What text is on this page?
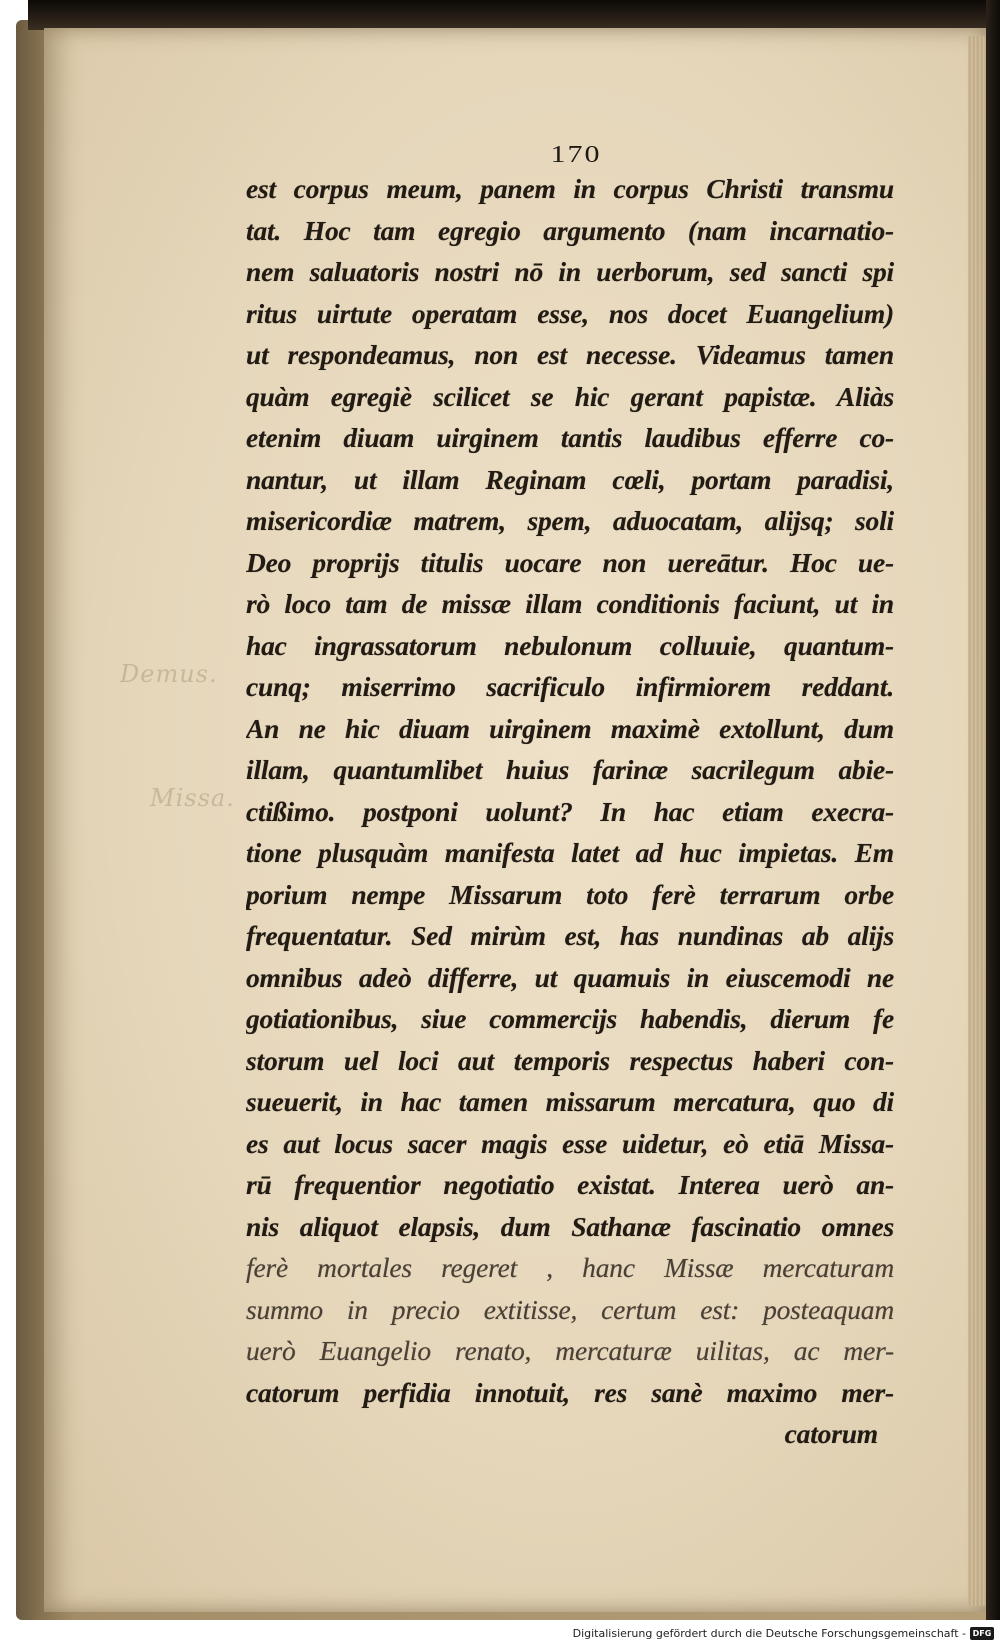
Demus.
Missa.
170
est corpus meum, panem in corpus Christi transmu
tat. Hoc tam egregio argumento (nam incarnatio-
nem saluatoris nostri nō in uerborum, sed sancti spi
ritus uirtute operatam esse, nos docet Euangelium)
ut respondeamus, non est necesse. Videamus tamen
quàm egregiè scilicet se hic gerant papistæ. Aliàs
etenim diuam uirginem tantis laudibus efferre co-
nantur, ut illam Reginam cœli, portam paradisi,
misericordiæ matrem, spem, aduocatam, alijsq; soli
Deo proprijs titulis uocare non uereātur. Hoc ue-
rò loco tam de missæ illam conditionis faciunt, ut in
hac ingrassatorum nebulonum colluuie, quantum-
cunq; miserrimo sacrificulo infirmiorem reddant.
An ne hic diuam uirginem maximè extollunt, dum
illam, quantumlibet huius farinæ sacrilegum abie-
ctißimo. postponi uolunt? In hac etiam execra-
tione plusquàm manifesta latet ad huc impietas. Em
porium nempe Missarum toto ferè terrarum orbe
frequentatur. Sed mirùm est, has nundinas ab alijs
omnibus adeò differre, ut quamuis in eiuscemodi ne
gotiationibus, siue commercijs habendis, dierum fe
storum uel loci aut temporis respectus haberi con-
sueuerit, in hac tamen missarum mercatura, quo di
es aut locus sacer magis esse uidetur, eò etiā Missa-
rū frequentior negotiatio existat. Interea uerò an-
nis aliquot elapsis, dum Sathanæ fascinatio omnes
ferè mortales regeret , hanc Missæ mercaturam
summo in precio extitisse, certum est: posteaquam
uerò Euangelio renato, mercaturæ uilitas, ac mer-
catorum perfidia innotuit, res sanè maximo mer-
catorum
Digitalisierung gefördert durch die Deutsche Forschungsgemeinschaft - DFG
